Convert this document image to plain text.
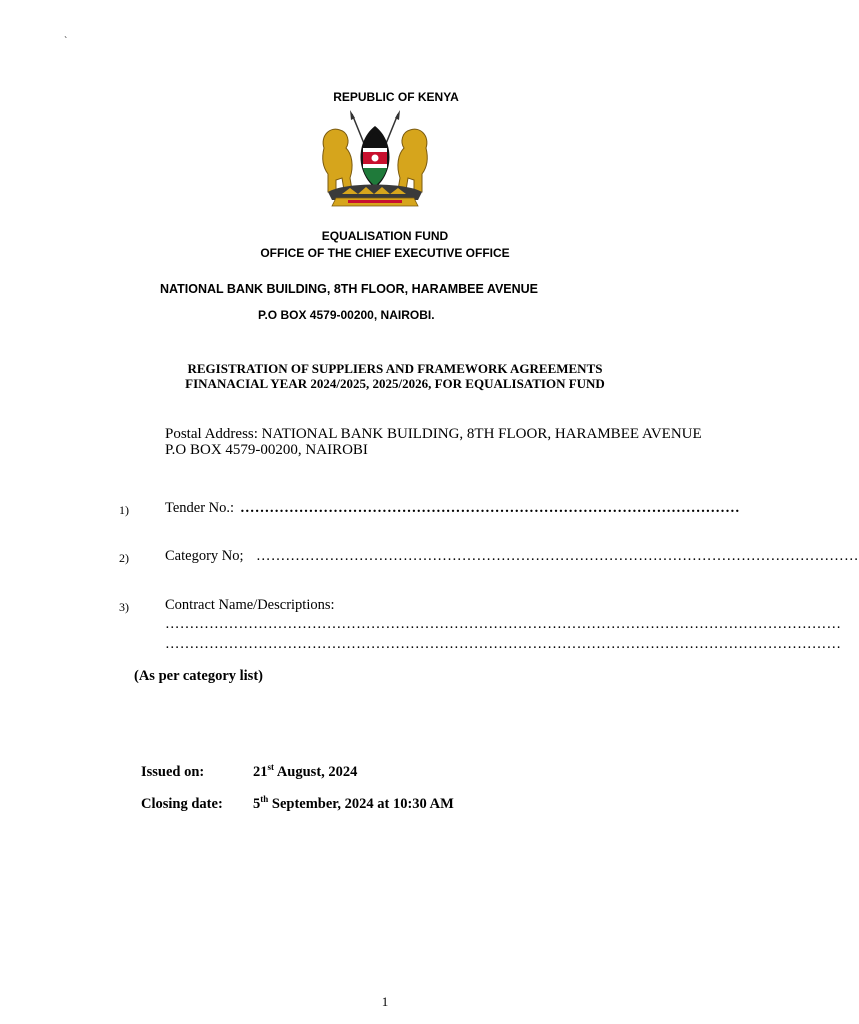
`
REPUBLIC OF KENYA
EQUALISATION FUND
OFFICE OF THE CHIEF EXECUTIVE OFFICE
NATIONAL BANK BUILDING, 8TH FLOOR, HARAMBEE AVENUE
P.O BOX 4579-00200, NAIROBI.
REGISTRATION OF SUPPLIERS AND FRAMEWORK AGREEMENTS
FINANACIAL YEAR 2024/2025, 2025/2026, FOR EQUALISATION FUND
Postal Address: NATIONAL BANK BUILDING, 8TH FLOOR, HARAMBEE AVENUE P.O BOX 4579-00200, NAIROBI
1) Tender No.: …………………………………………………………………………………………
2) Category No; ……………………………………………………………………………………………………………
3) Contract Name/Descriptions:
…………………………………………………………………………………………………………………………
…………………………………………………………………………………………………………………………
(As per category list)
Issued on:	21st August, 2024
Closing date: 5th September, 2024 at 10:30 AM
1
